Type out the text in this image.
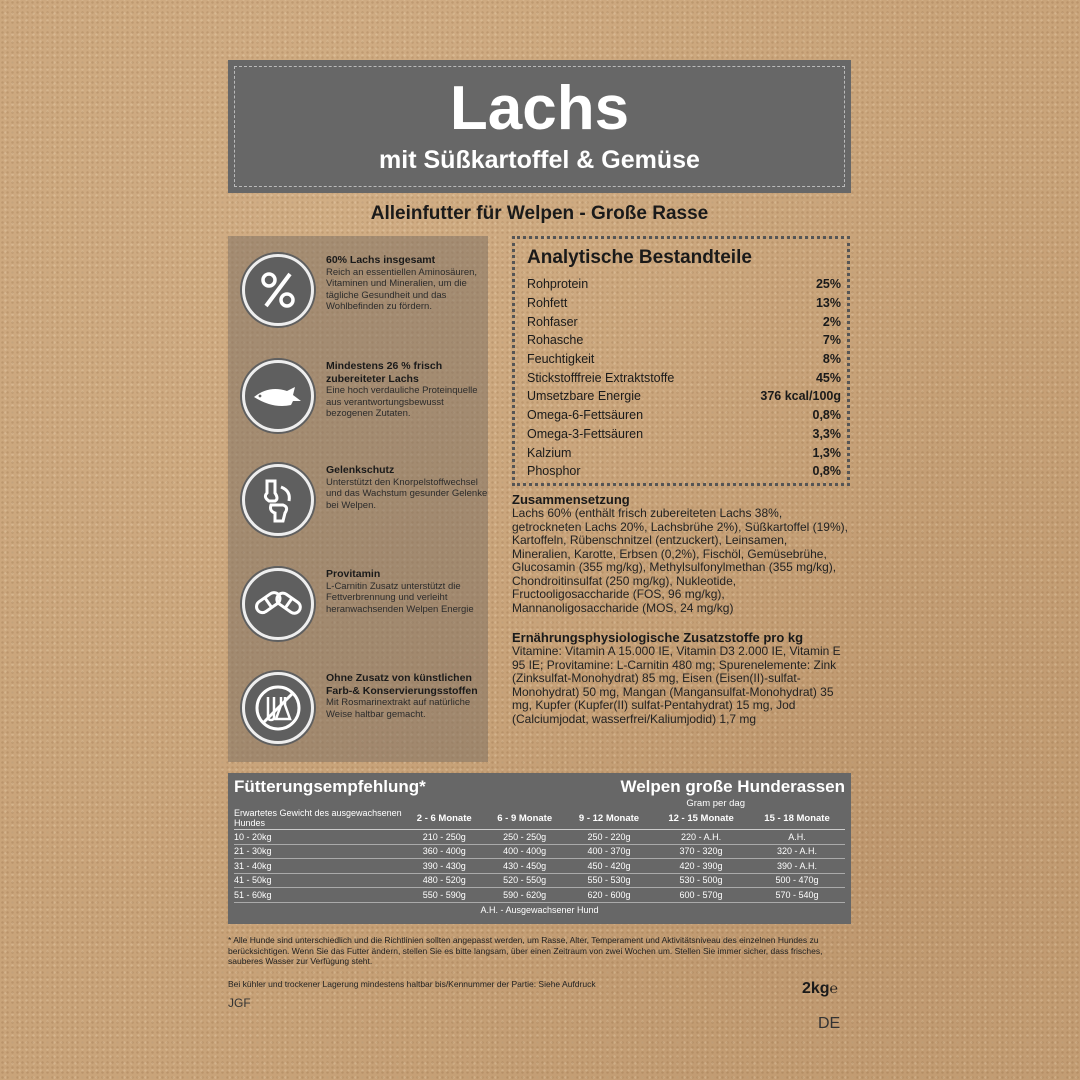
Lachs
mit Süßkartoffel & Gemüse
Alleinfutter für Welpen - Große Rasse
60% Lachs insgesamt
Reich an essentiellen Aminosäuren, Vitaminen und Mineralien, um die tägliche Gesundheit und das Wohlbefinden zu fördern.
Mindestens 26 % frisch zubereiteter Lachs
Eine hoch verdauliche Proteinquelle aus verantwortungsbewusst bezogenen Zutaten.
Gelenkschutz
Unterstützt den Knorpelstoffwechsel und das Wachstum gesunder Gelenke bei Welpen.
Provitamin
L-Carnitin Zusatz unterstützt die Fettverbrennung und verleiht heranwachsenden Welpen Energie
Ohne Zusatz von künstlichen Farb-& Konservierungsstoffen
Mit Rosmarinextrakt auf natürliche Weise haltbar gemacht.
Analytische Bestandteile
Rohprotein	25%
Rohfett	13%
Rohfaser	2%
Rohasche	7%
Feuchtigkeit	8%
Stickstofffreie Extraktstoffe	45%
Umsetzbare Energie	376 kcal/100g
Omega-6-Fettsäuren	0,8%
Omega-3-Fettsäuren	3,3%
Kalzium	1,3%
Phosphor	0,8%
Zusammensetzung
Lachs 60% (enthält frisch zubereiteten Lachs 38%, getrockneten Lachs 20%, Lachsbrühe 2%), Süßkartoffel (19%), Kartoffeln, Rübenschnitzel (entzuckert), Leinsamen, Mineralien, Karotte, Erbsen (0,2%), Fischöl, Gemüsebrühe, Glucosamin (355 mg/kg), Methylsulfonylmethan (355 mg/kg), Chondroitinsulfat (250 mg/kg), Nukleotide, Fructooligosaccharide (FOS, 96 mg/kg), Mannanoligosaccharide (MOS, 24 mg/kg)
Ernährungsphysiologische Zusatzstoffe pro kg
Vitamine: Vitamin A 15.000 IE, Vitamin D3 2.000 IE, Vitamin E 95 IE; Provitamine: L-Carnitin 480 mg; Spurenelemente: Zink (Zinksulfat-Monohydrat) 85 mg, Eisen (Eisen(II)-sulfat-Monohydrat) 50 mg, Mangan (Mangansulfat-Monohydrat) 35 mg, Kupfer (Kupfer(II) sulfat-Pentahydrat) 15 mg, Jod (Calciumjodat, wasserfrei/Kaliumjodid) 1,7 mg
Fütterungsempfehlung*	Welpen große Hunderassen
Gram per dag
Erwartetes Gewicht des ausgewachsenen Hundes	2 - 6 Monate	6 - 9 Monate	9 - 12 Monate	12 - 15 Monate	15 - 18 Monate
10 - 20kg	210 - 250g	250 - 250g	250 - 220g	220 - A.H.	A.H.
21 - 30kg	360 - 400g	400 - 400g	400 - 370g	370 - 320g	320 - A.H.
31 - 40kg	390 - 430g	430 - 450g	450 - 420g	420 - 390g	390 - A.H.
41 - 50kg	480 - 520g	520 - 550g	550 - 530g	530 - 500g	500 - 470g
51 - 60kg	550 - 590g	590 - 620g	620 - 600g	600 - 570g	570 - 540g
A.H. - Ausgewachsener Hund
* Alle Hunde sind unterschiedlich und die Richtlinien sollten angepasst werden, um Rasse, Alter, Temperament und Aktivitätsniveau des einzelnen Hundes zu berücksichtigen. Wenn Sie das Futter ändern, stellen Sie es bitte langsam, über einen Zeitraum von zwei Wochen um. Stellen Sie immer sicher, dass frisches, sauberes Wasser zur Verfügung steht.
Bei kühler und trockener Lagerung mindestens haltbar bis/Kennummer der Partie: Siehe Aufdruck
JGF
2kg℮
DE
